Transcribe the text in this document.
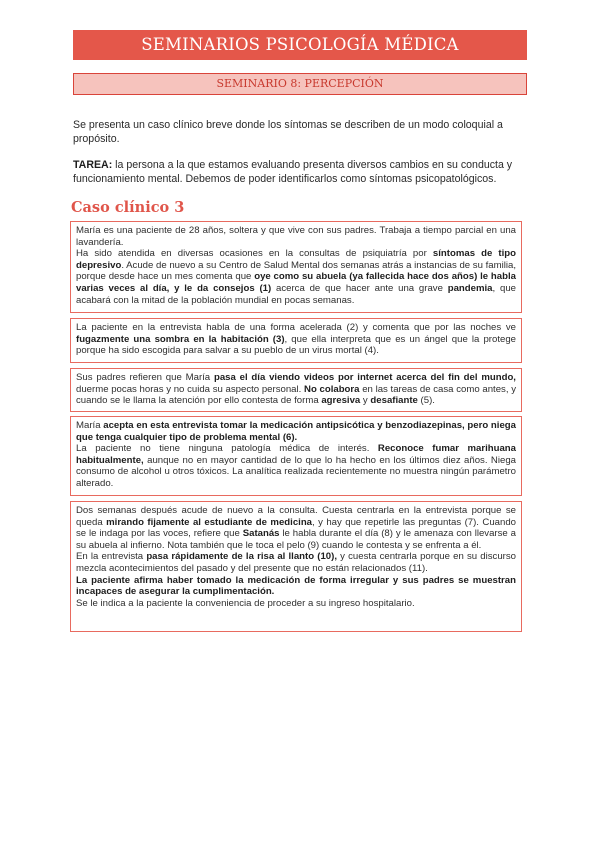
SEMINARIOS PSICOLOGÍA MÉDICA
SEMINARIO 8: PERCEPCIÓN

Se presenta un caso clínico breve donde los síntomas se describen de un modo coloquial a propósito.

TAREA: la persona a la que estamos evaluando presenta diversos cambios en su conducta y funcionamiento mental. Debemos de poder identificarlos como síntomas psicopatológicos.

Caso clínico 3

María es una paciente de 28 años, soltera y que vive con sus padres. Trabaja a tiempo parcial en una lavandería.

Ha sido atendida en diversas ocasiones en la consultas de psiquiatría por síntomas de tipo depresivo. Acude de nuevo a su Centro de Salud Mental dos semanas atrás a instancias de su familia, porque desde hace un mes comenta que oye como su abuela (ya fallecida hace dos años) le habla varias veces al día, y le da consejos (1) acerca de que hacer ante una grave pandemia, que acabará con la mitad de la población mundial en pocas semanas.

La paciente en la entrevista habla de una forma acelerada (2) y comenta que por las noches ve fugazmente una sombra en la habitación (3), que ella interpreta que es un ángel que la protege porque ha sido escogida para salvar a su pueblo de un virus mortal (4).

Sus padres refieren que María pasa el día viendo videos por internet acerca del fin del mundo, duerme pocas horas y no cuida su aspecto personal. No colabora en las tareas de casa como antes, y cuando se le llama la atención por ello contesta de forma agresiva y desafiante (5).

María acepta en esta entrevista tomar la medicación antipsicótica y benzodiazepinas, pero niega que tenga cualquier tipo de problema mental (6).

La paciente no tiene ninguna patología médica de interés. Reconoce fumar marihuana habitualmente, aunque no en mayor cantidad de lo que lo ha hecho en los últimos diez años. Niega consumo de alcohol u otros tóxicos. La analítica realizada recientemente no muestra ningún parámetro alterado.

Dos semanas después acude de nuevo a la consulta. Cuesta centrarla en la entrevista porque se queda mirando fijamente al estudiante de medicina, y hay que repetirle las preguntas (7). Cuando se le indaga por las voces, refiere que Satanás le habla durante el día (8) y le amenaza con llevarse a su abuela al infierno. Nota también que le toca el pelo (9) cuando le contesta y se enfrenta a él.

En la entrevista pasa rápidamente de la risa al llanto (10), y cuesta centrarla porque en su discurso mezcla acontecimientos del pasado y del presente que no están relacionados (11).

La paciente afirma haber tomado la medicación de forma irregular y sus padres se muestran incapaces de asegurar la cumplimentación.

Se le indica a la paciente la conveniencia de proceder a su ingreso hospitalario.
